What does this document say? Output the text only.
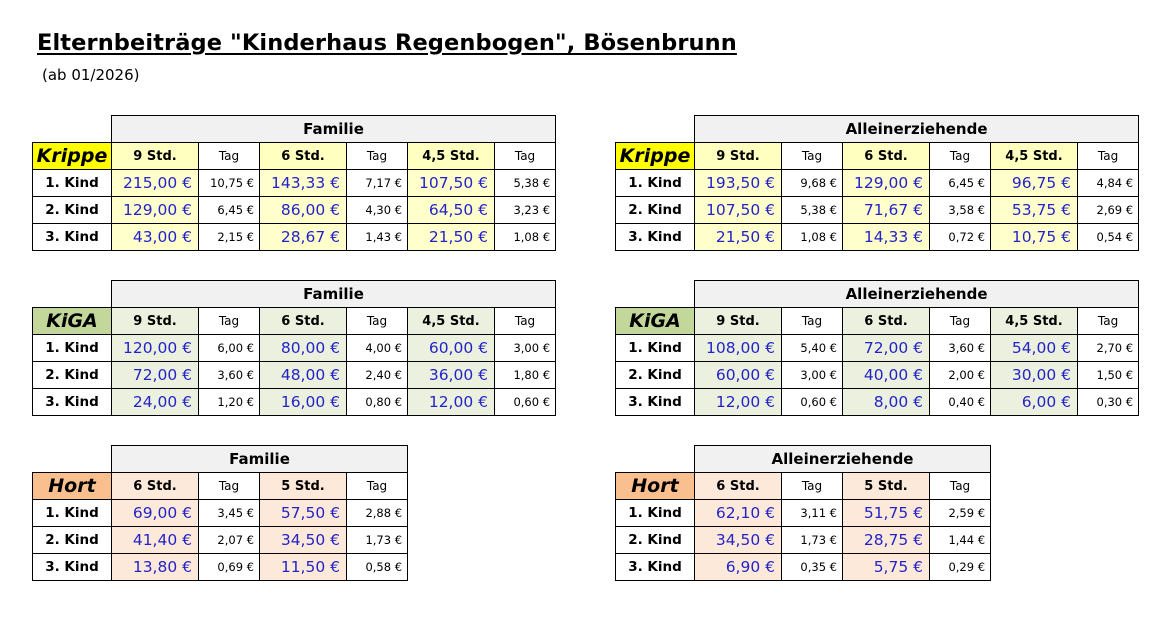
Elternbeiträge "Kinderhaus Regenbogen", Bösenbrunn
(ab 01/2026)
	Familie					
Krippe	9 Std.	Tag	6 Std.	Tag	4,5 Std.	Tag
1. Kind	215,00 €	10,75 €	143,33 €	7,17 €	107,50 €	5,38 €
2. Kind	129,00 €	6,45 €	86,00 €	4,30 €	64,50 €	3,23 €
3. Kind	43,00 €	2,15 €	28,67 €	1,43 €	21,50 €	1,08 €
	Alleinerziehende					
Krippe	9 Std.	Tag	6 Std.	Tag	4,5 Std.	Tag
1. Kind	193,50 €	9,68 €	129,00 €	6,45 €	96,75 €	4,84 €
2. Kind	107,50 €	5,38 €	71,67 €	3,58 €	53,75 €	2,69 €
3. Kind	21,50 €	1,08 €	14,33 €	0,72 €	10,75 €	0,54 €
	Familie					
KiGA	9 Std.	Tag	6 Std.	Tag	4,5 Std.	Tag
1. Kind	120,00 €	6,00 €	80,00 €	4,00 €	60,00 €	3,00 €
2. Kind	72,00 €	3,60 €	48,00 €	2,40 €	36,00 €	1,80 €
3. Kind	24,00 €	1,20 €	16,00 €	0,80 €	12,00 €	0,60 €
	Alleinerziehende					
KiGA	9 Std.	Tag	6 Std.	Tag	4,5 Std.	Tag
1. Kind	108,00 €	5,40 €	72,00 €	3,60 €	54,00 €	2,70 €
2. Kind	60,00 €	3,00 €	40,00 €	2,00 €	30,00 €	1,50 €
3. Kind	12,00 €	0,60 €	8,00 €	0,40 €	6,00 €	0,30 €
	Familie			
Hort	6 Std.	Tag	5 Std.	Tag
1. Kind	69,00 €	3,45 €	57,50 €	2,88 €
2. Kind	41,40 €	2,07 €	34,50 €	1,73 €
3. Kind	13,80 €	0,69 €	11,50 €	0,58 €
	Alleinerziehende			
Hort	6 Std.	Tag	5 Std.	Tag
1. Kind	62,10 €	3,11 €	51,75 €	2,59 €
2. Kind	34,50 €	1,73 €	28,75 €	1,44 €
3. Kind	6,90 €	0,35 €	5,75 €	0,29 €
